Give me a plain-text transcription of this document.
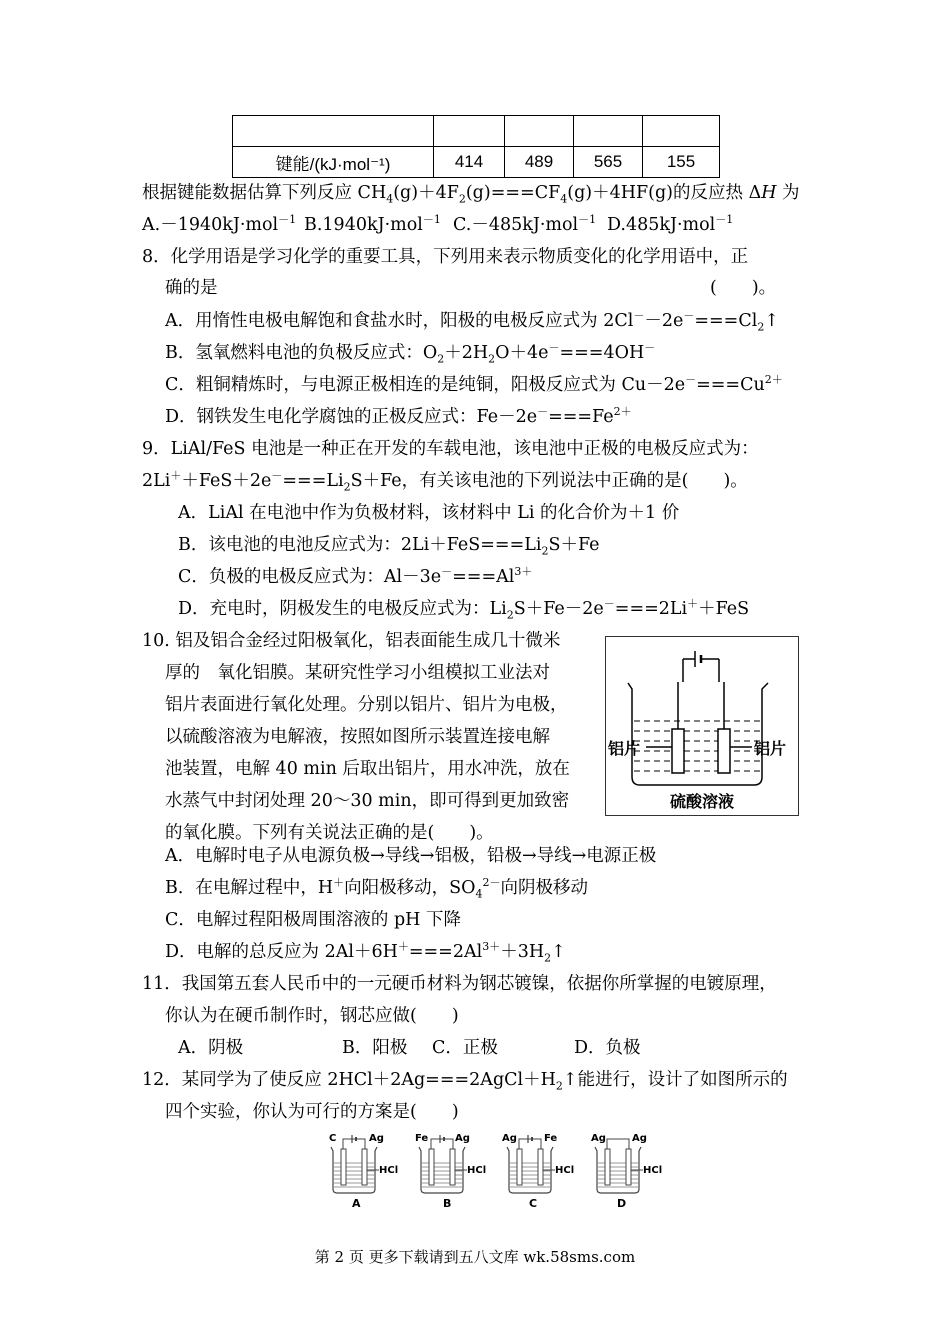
键能/(kJ·mol⁻¹)	414	489	565	155
根据键能数据估算下列反应 $CH_4(g)+4F_2(g)===CF_4(g)+4HF(g)$的反应热 ΔH 为
A.－1940kJ·mol$^{-1}$ B.1940kJ·mol$^{-1}$ C.－485kJ·mol$^{-1}$ D.485kJ·mol$^{-1}$
8．化学用语是学习化学的重要工具，下列用来表示物质变化的化学用语中，正
确的是	(　　)。
A．用惰性电极电解饱和食盐水时，阳极的电极反应式为 $2Cl^--2e^-===Cl_2↑$
B．氢氧燃料电池的负极反应式：$O_2+2H_2O+4e^-===4OH^-$
C．粗铜精炼时，与电源正极相连的是纯铜，阳极反应式为 $Cu-2e^-===Cu^{2+}$
D．钢铁发生电化学腐蚀的正极反应式：$Fe-2e^-===Fe^{2+}$
9．LiAl/FeS 电池是一种正在开发的车载电池，该电池中正极的电极反应式为：
$2Li^++FeS+2e^-===Li_2S+Fe$，有关该电池的下列说法中正确的是(　　)。
A．LiAl 在电池中作为负极材料，该材料中 Li 的化合价为＋1 价
B．该电池的电池反应式为：$2Li+FeS===Li_2S+Fe$
C．负极的电极反应式为：$Al-3e^-===Al^{3+}$
D．充电时，阴极发生的电极反应式为：$Li_2S+Fe-2e^-===2Li^++FeS$
10. 铝及铝合金经过阳极氧化，铝表面能生成几十微米
厚的　氧化铝膜。某研究性学习小组模拟工业法对
铝片表面进行氧化处理。分别以铝片、铝片为电极，
以硫酸溶液为电解液，按照如图所示装置连接电解
池装置，电解 40 min 后取出铝片，用水冲洗，放在
水蒸气中封闭处理 20～30 min，即可得到更加致密
的氧化膜。下列有关说法正确的是(　　)。
铝片	铝片
硫酸溶液
A．电解时电子从电源负极→导线→铝极，铅极→导线→电源正极
B．在电解过程中，H＋向阳极移动，$SO_4^{2-}$向阴极移动
C．电解过程阳极周围溶液的 pH 下降
D．电解的总反应为 $2Al+6H^+===2Al^{3+}+3H_2↑$
11．我国第五套人民币中的一元硬币材料为钢芯镀镍，依据你所掌握的电镀原理，
你认为在硬币制作时，钢芯应做(　　)
A．阴极	B．阳极 C．正极	D．负极
12．某同学为了使反应 $2HCl+2Ag===2AgCl+H_2↑$能进行，设计了如图所示的
四个实验，你认为可行的方案是(　　)
C	Ag
HCl
A
Fe	Ag
HCl
B
Ag	Fe
HCl
C
Ag	Ag
HCl
D
第 2 页 更多下载请到五八文库 wk.58sms.com
